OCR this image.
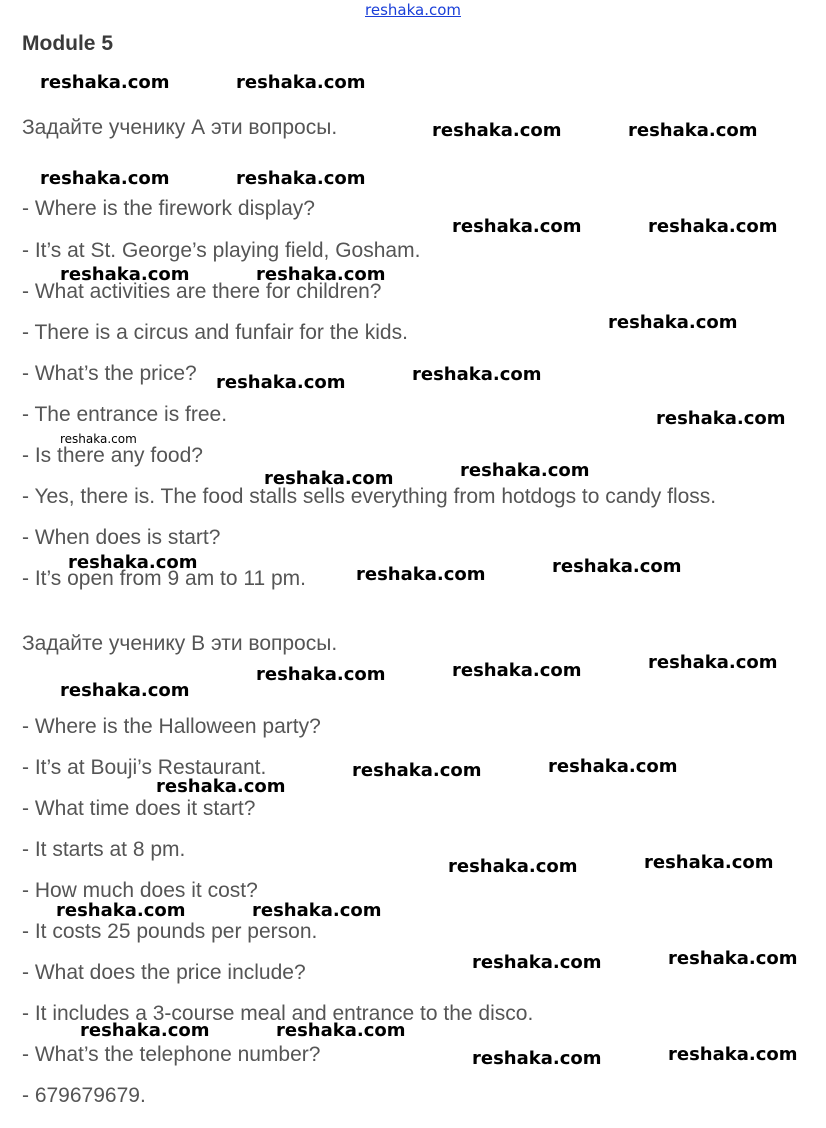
reshaka.com
Module 5
Задайте ученику А эти вопросы.
- Where is the firework display?
- It’s at St. George’s playing field, Gosham.
- What activities are there for children?
- There is a circus and funfair for the kids.
- What’s the price?
- The entrance is free.
- Is there any food?
- Yes, there is. The food stalls sells everything from hotdogs to candy floss.
- When does is start?
- It’s open from 9 am to 11 pm.
Задайте ученику В эти вопросы.
- Where is the Halloween party?
- It’s at Bouji’s Restaurant.
- What time does it start?
- It starts at 8 pm.
- How much does it cost?
- It costs 25 pounds per person.
- What does the price include?
- It includes a 3-course meal and entrance to the disco.
- What’s the telephone number?
- 679679679.
reshaka.com	reshaka.com
reshaka.com	reshaka.com
reshaka.com	reshaka.com
reshaka.com	reshaka.com
reshaka.com	reshaka.com
reshaka.com
reshaka.com	reshaka.com
reshaka.com
reshaka.com
reshaka.com	reshaka.com
reshaka.com
reshaka.com	reshaka.com
reshaka.com
reshaka.com	reshaka.com	reshaka.com
reshaka.com	reshaka.com
reshaka.com
reshaka.com	reshaka.com
reshaka.com	reshaka.com
reshaka.com	reshaka.com
reshaka.com	reshaka.com
reshaka.com	reshaka.com
